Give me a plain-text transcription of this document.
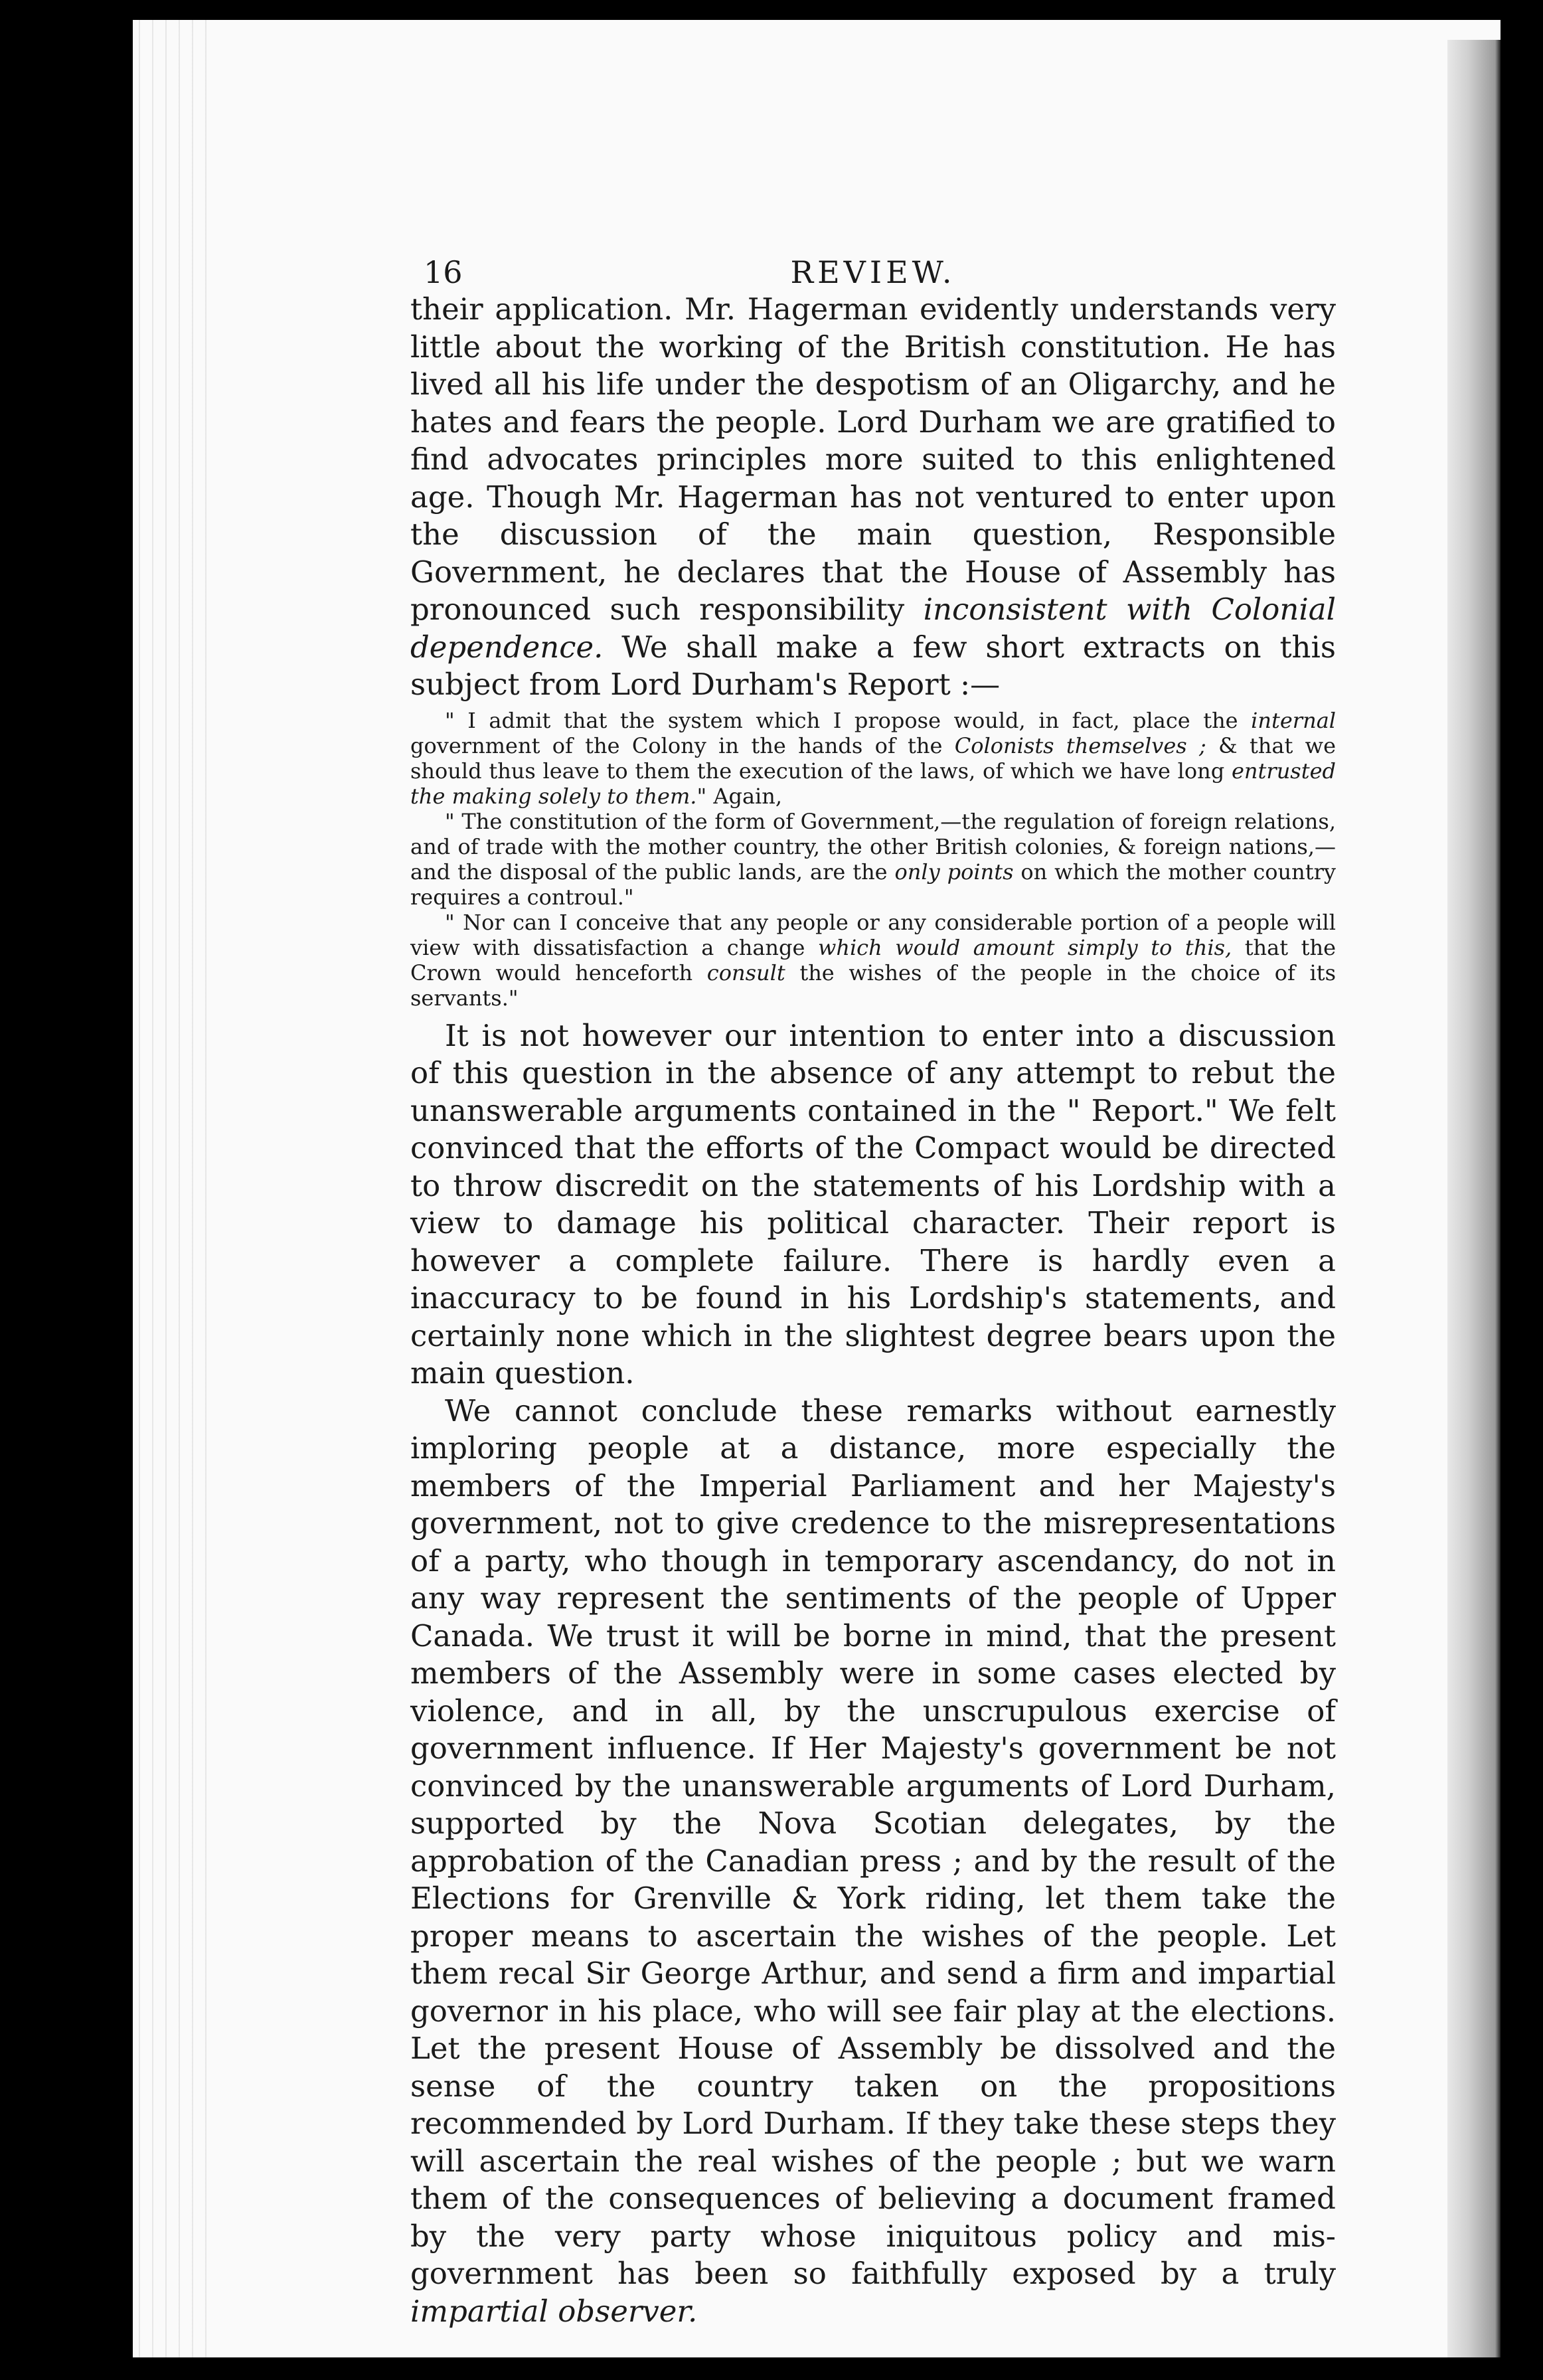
16	REVIEW.

their application. Mr. Hagerman evidently understands very little about the working of the British constitution. He has lived all his life under the despotism of an Oligarchy, and he hates and fears the people. Lord Durham we are gratified to find advocates principles more suited to this enlightened age. Though Mr. Hagerman has not ventured to enter upon the discussion of the main question, Responsible Government, he declares that the House of Assembly has pronounced such responsibility inconsistent with Colonial dependence. We shall make a few short extracts on this subject from Lord Durham's Report :—

" I admit that the system which I propose would, in fact, place the internal government of the Colony in the hands of the Colonists themselves ; & that we should thus leave to them the execution of the laws, of which we have long entrusted the making solely to them." Again,

" The constitution of the form of Government,—the regulation of foreign relations, and of trade with the mother country, the other British colonies, & foreign nations,—and the disposal of the public lands, are the only points on which the mother country requires a controul."

" Nor can I conceive that any people or any considerable portion of a people will view with dissatisfaction a change which would amount simply to this, that the Crown would henceforth consult the wishes of the people in the choice of its servants."

It is not however our intention to enter into a discussion of this question in the absence of any attempt to rebut the unanswerable arguments contained in the " Report." We felt convinced that the efforts of the Compact would be directed to throw discredit on the statements of his Lordship with a view to damage his political character. Their report is however a complete failure. There is hardly even a inaccuracy to be found in his Lordship's statements, and certainly none which in the slightest degree bears upon the main question.

We cannot conclude these remarks without earnestly imploring people at a distance, more especially the members of the Imperial Parliament and her Majesty's government, not to give credence to the misrepresentations of a party, who though in temporary ascendancy, do not in any way represent the sentiments of the people of Upper Canada. We trust it will be borne in mind, that the present members of the Assembly were in some cases elected by violence, and in all, by the unscrupulous exercise of government influence. If Her Majesty's government be not convinced by the unanswerable arguments of Lord Durham, supported by the Nova Scotian delegates, by the approbation of the Canadian press ; and by the result of the Elections for Grenville & York riding, let them take the proper means to ascertain the wishes of the people. Let them recal Sir George Arthur, and send a firm and impartial governor in his place, who will see fair play at the elections. Let the present House of Assembly be dissolved and the sense of the country taken on the propositions recommended by Lord Durham. If they take these steps they will ascertain the real wishes of the people ; but we warn them of the consequences of believing a document framed by the very party whose iniquitous policy and mis-government has been so faithfully exposed by a truly impartial observer.
